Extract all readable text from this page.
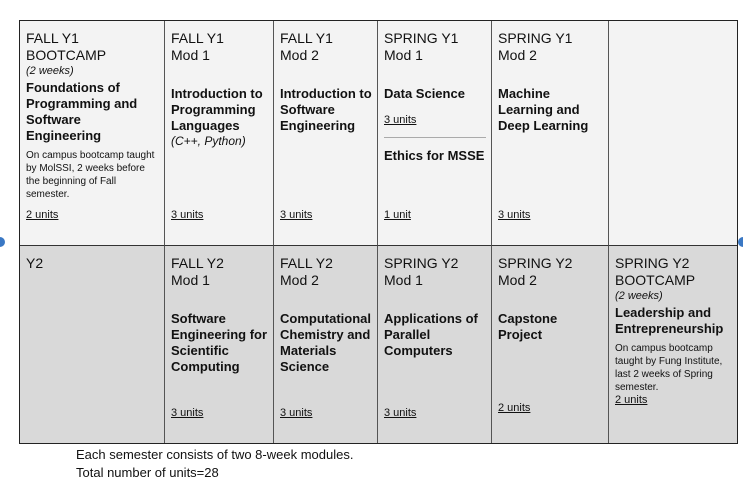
FALL Y1
BOOTCAMP
(2 weeks)
Foundations of Programming and Software Engineering
On campus bootcamp taught by MolSSI, 2 weeks before the beginning of Fall semester.
2 units
FALL Y1
Mod 1
Introduction to Programming Languages
(C++, Python)
3 units
FALL Y1
Mod 2
Introduction to Software Engineering
3 units
SPRING Y1
Mod 1
Data Science
3 units
Ethics for MSSE
1 unit
SPRING Y1
Mod 2
Machine Learning and Deep Learning
3 units
Y2	FALL Y2
Mod 1
Software Engineering for Scientific Computing
3 units
FALL Y2
Mod 2
Computational Chemistry and Materials Science
3 units
SPRING Y2
Mod 1
Applications of Parallel Computers
3 units
SPRING Y2
Mod 2
Capstone Project
2 units
SPRING Y2
BOOTCAMP
(2 weeks)
Leadership and Entrepreneurship
On campus bootcamp taught by Fung Institute, last 2 weeks of Spring semester.
2 units
Each semester consists of two 8-week modules.
Total number of units=28
